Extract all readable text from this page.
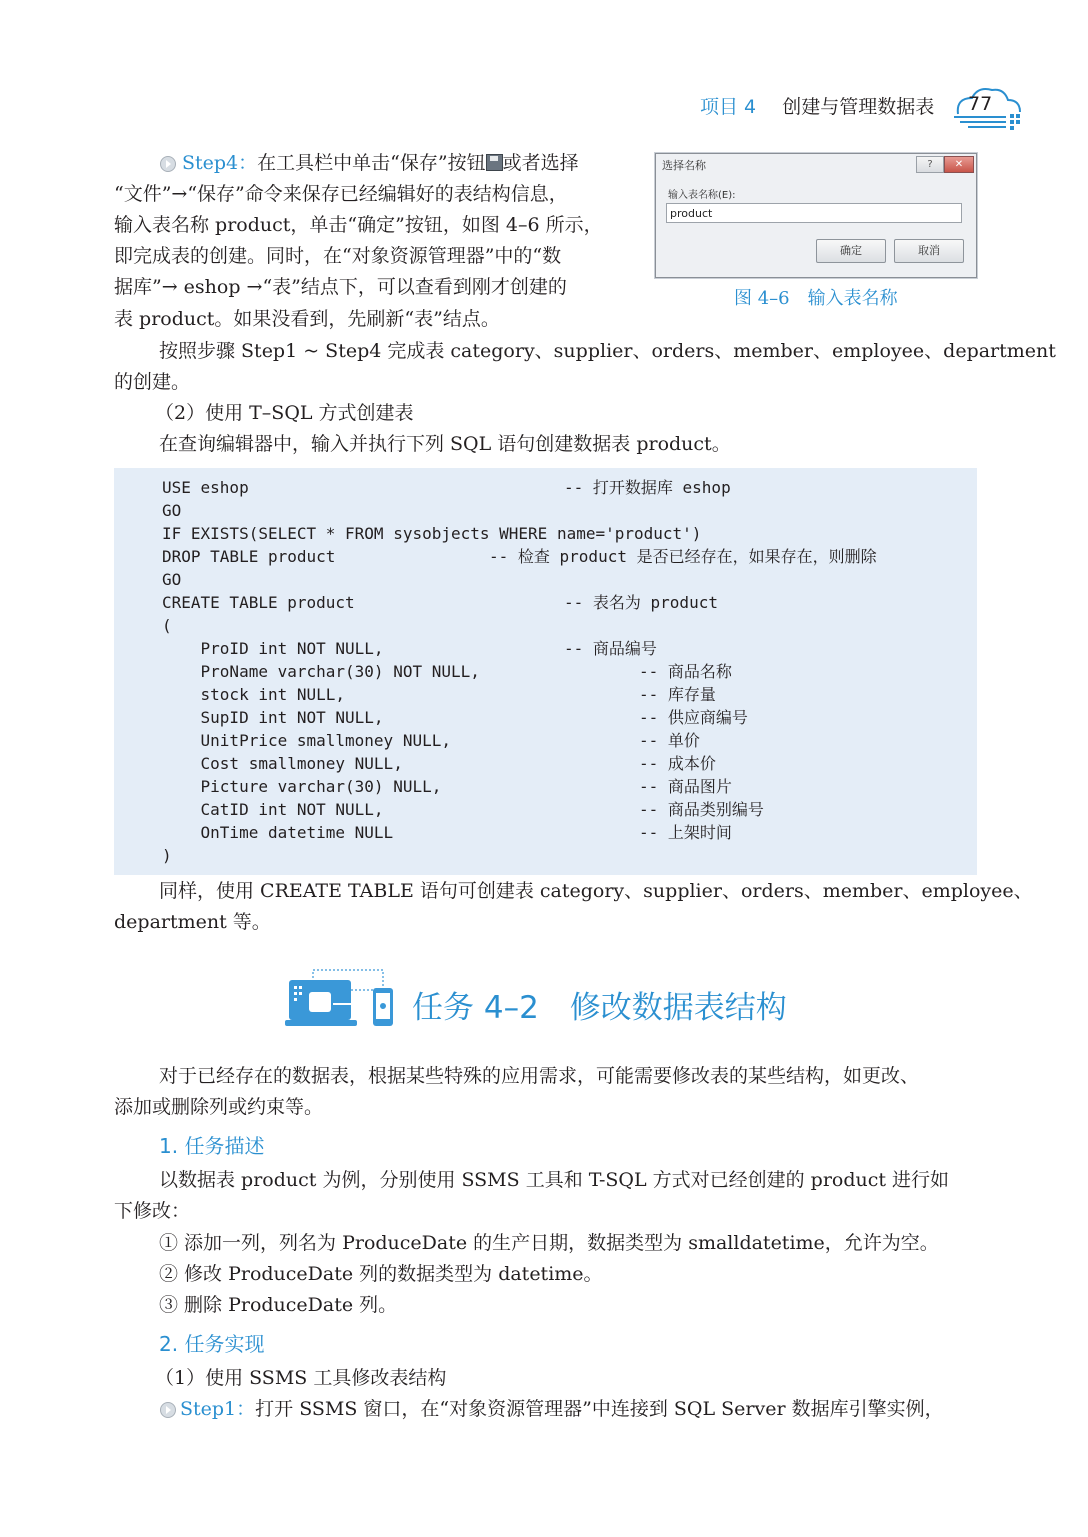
项目 4 创建与管理数据表 77
Step4：在工具栏中单击“保存”按钮 或者选择
“文件”→“保存”命令来保存已经编辑好的表结构信息，
输入表名称 product，单击“确定”按钮，如图 4–6 所示，
即完成表的创建。同时，在“对象资源管理器”中的“数
据库”→ eshop →“表”结点下，可以查看到刚才创建的
表 product。如果没看到，先刷新“表”结点。
选择名称	?	✕
输入表名称(E):
product
确定	取消
图 4–6　输入表名称
按照步骤 Step1 ~ Step4 完成表 category、supplier、orders、member、employee、department
的创建。
（2）使用 T–SQL 方式创建表
在查询编辑器中，输入并执行下列 SQL 语句创建数据表 product。
USE eshop	-- 打开数据库 eshop
GO
IF EXISTS(SELECT * FROM sysobjects WHERE name='product')
DROP TABLE product	-- 检查 product 是否已经存在，如果存在，则删除
GO
CREATE TABLE product	-- 表名为 product
(
ProID int NOT NULL,	-- 商品编号
ProName varchar(30) NOT NULL,	-- 商品名称
stock int NULL,	-- 库存量
SupID int NOT NULL,	-- 供应商编号
UnitPrice smallmoney NULL,	-- 单价
Cost smallmoney NULL,	-- 成本价
Picture varchar(30) NULL,	-- 商品图片
CatID int NOT NULL,	-- 商品类别编号
OnTime datetime NULL	-- 上架时间
)
同样，使用 CREATE TABLE 语句可创建表 category、supplier、orders、member、employee、
department 等。
任务 4–2　修改数据表结构
对于已经存在的数据表，根据某些特殊的应用需求，可能需要修改表的某些结构，如更改、
添加或删除列或约束等。
1. 任务描述
以数据表 product 为例，分别使用 SSMS 工具和 T-SQL 方式对已经创建的 product 进行如
下修改：
① 添加一列，列名为 ProduceDate 的生产日期，数据类型为 smalldatetime，允许为空。
② 修改 ProduceDate 列的数据类型为 datetime。
③ 删除 ProduceDate 列。
2. 任务实现
（1）使用 SSMS 工具修改表结构
Step1：打开 SSMS 窗口，在“对象资源管理器”中连接到 SQL Server 数据库引擎实例，
